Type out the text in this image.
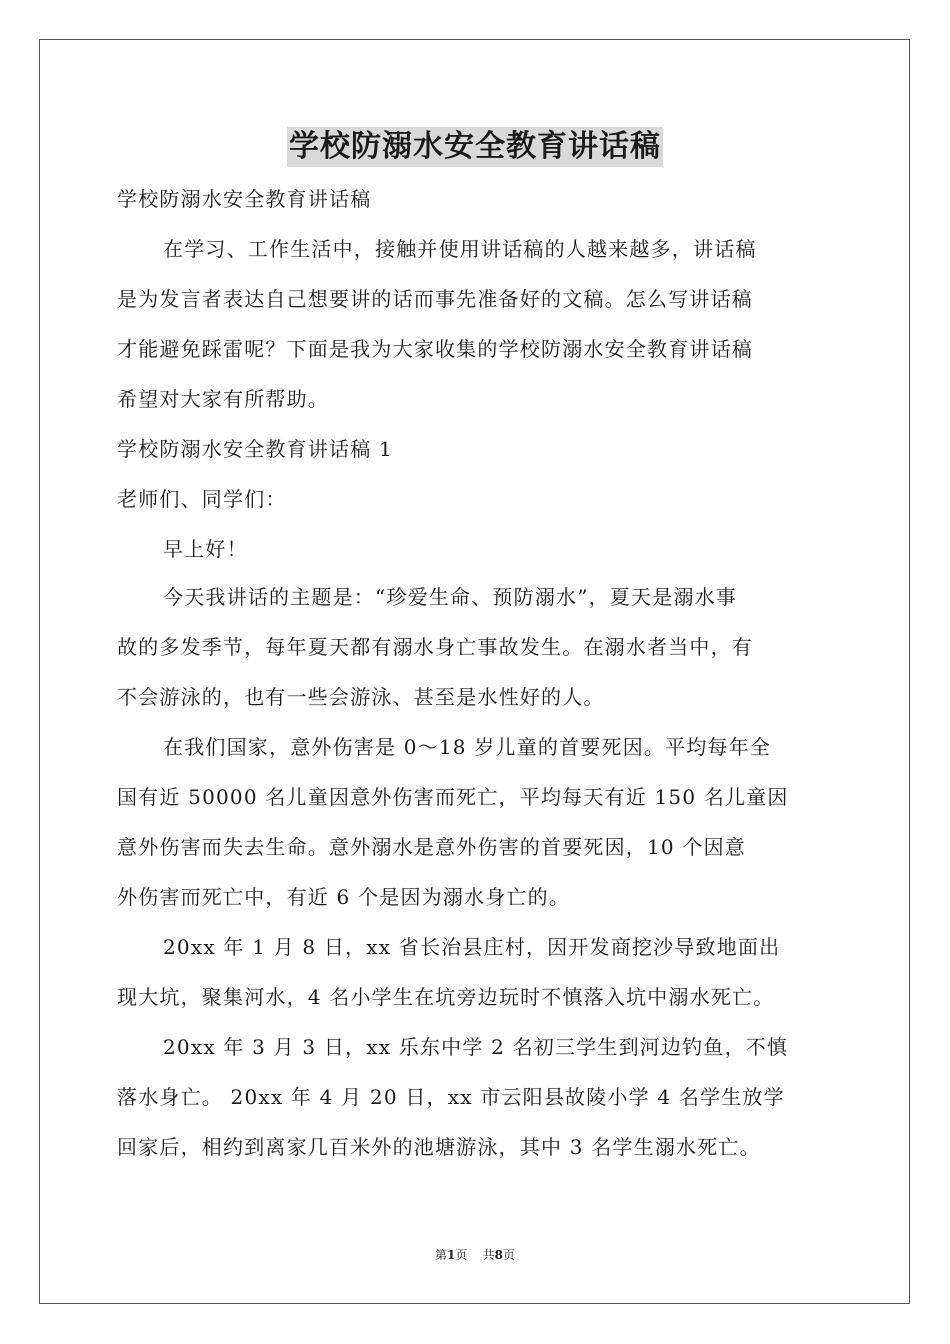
学校防溺水安全教育讲话稿
学校防溺水安全教育讲话稿
在学习、工作生活中，接触并使用讲话稿的人越来越多，讲话稿
是为发言者表达自己想要讲的话而事先准备好的文稿。怎么写讲话稿
才能避免踩雷呢？下面是我为大家收集的学校防溺水安全教育讲话稿
希望对大家有所帮助。
学校防溺水安全教育讲话稿 1
老师们、同学们：
早上好！
今天我讲话的主题是：“珍爱生命、预防溺水”，夏天是溺水事
故的多发季节，每年夏天都有溺水身亡事故发生。在溺水者当中，有
不会游泳的，也有一些会游泳、甚至是水性好的人。
在我们国家，意外伤害是 0～18 岁儿童的首要死因。平均每年全
国有近 50000 名儿童因意外伤害而死亡，平均每天有近 150 名儿童因
意外伤害而失去生命。意外溺水是意外伤害的首要死因，10 个因意
外伤害而死亡中，有近 6 个是因为溺水身亡的。
20xx 年 1 月 8 日，xx 省长治县庄村，因开发商挖沙导致地面出
现大坑，聚集河水，4 名小学生在坑旁边玩时不慎落入坑中溺水死亡。
20xx 年 3 月 3 日，xx 乐东中学 2 名初三学生到河边钓鱼，不慎
落水身亡。 20xx 年 4 月 20 日，xx 市云阳县故陵小学 4 名学生放学
回家后，相约到离家几百米外的池塘游泳，其中 3 名学生溺水死亡。
第1页    共8页
